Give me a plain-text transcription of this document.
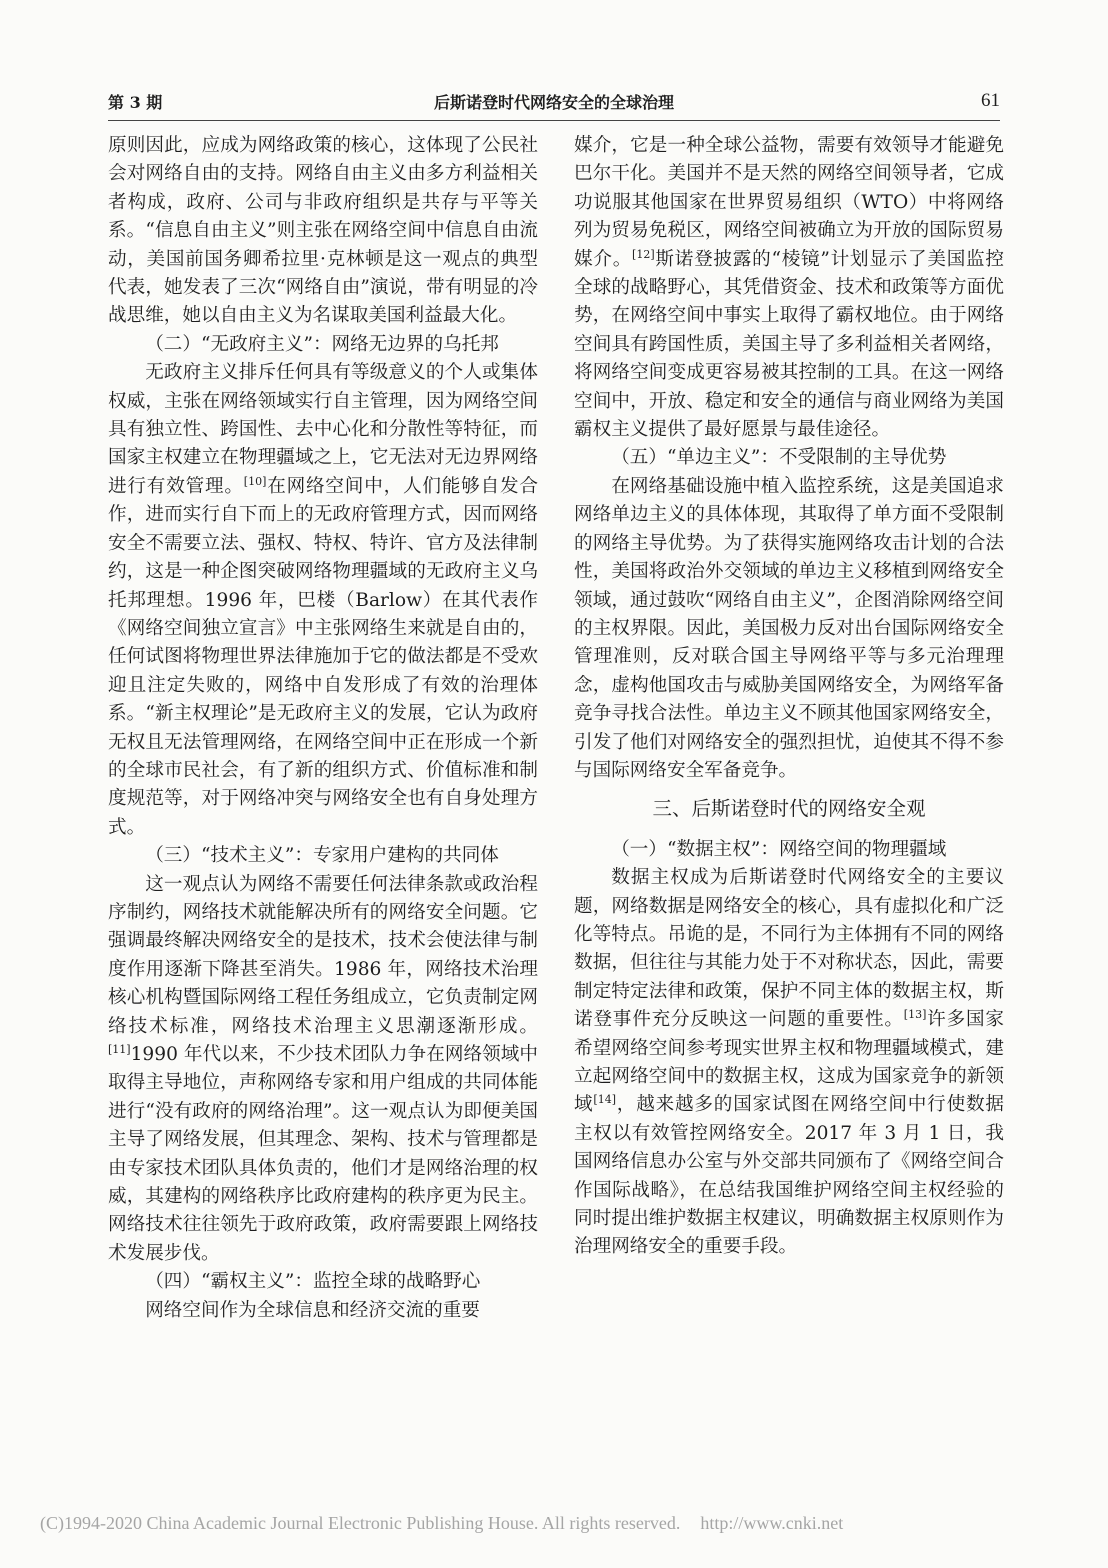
第 3 期	后斯诺登时代网络安全的全球治理	61

原则因此，应成为网络政策的核心，这体现了公民社会对网络自由的支持。网络自由主义由多方利益相关者构成，政府、公司与非政府组织是共存与平等关系。“信息自由主义”则主张在网络空间中信息自由流动，美国前国务卿希拉里·克林顿是这一观点的典型代表，她发表了三次“网络自由”演说，带有明显的冷战思维，她以自由主义为名谋取美国利益最大化。

（二）“无政府主义”：网络无边界的乌托邦

无政府主义排斥任何具有等级意义的个人或集体权威，主张在网络领域实行自主管理，因为网络空间具有独立性、跨国性、去中心化和分散性等特征，而国家主权建立在物理疆域之上，它无法对无边界网络进行有效管理。[10]在网络空间中，人们能够自发合作，进而实行自下而上的无政府管理方式，因而网络安全不需要立法、强权、特权、特许、官方及法律制约，这是一种企图突破网络物理疆域的无政府主义乌托邦理想。1996 年，巴楼（Barlow）在其代表作《网络空间独立宣言》中主张网络生来就是自由的，任何试图将物理世界法律施加于它的做法都是不受欢迎且注定失败的，网络中自发形成了有效的治理体系。“新主权理论”是无政府主义的发展，它认为政府无权且无法管理网络，在网络空间中正在形成一个新的全球市民社会，有了新的组织方式、价值标准和制度规范等，对于网络冲突与网络安全也有自身处理方式。

（三）“技术主义”：专家用户建构的共同体

这一观点认为网络不需要任何法律条款或政治程序制约，网络技术就能解决所有的网络安全问题。它强调最终解决网络安全的是技术，技术会使法律与制度作用逐渐下降甚至消失。1986 年，网络技术治理核心机构暨国际网络工程任务组成立，它负责制定网络技术标准，网络技术治理主义思潮逐渐形成。[11]1990 年代以来，不少技术团队力争在网络领域中取得主导地位，声称网络专家和用户组成的共同体能进行“没有政府的网络治理”。这一观点认为即便美国主导了网络发展，但其理念、架构、技术与管理都是由专家技术团队具体负责的，他们才是网络治理的权威，其建构的网络秩序比政府建构的秩序更为民主。网络技术往往领先于政府政策，政府需要跟上网络技术发展步伐。

（四）“霸权主义”：监控全球的战略野心

网络空间作为全球信息和经济交流的重要

媒介，它是一种全球公益物，需要有效领导才能避免巴尔干化。美国并不是天然的网络空间领导者，它成功说服其他国家在世界贸易组织（WTO）中将网络列为贸易免税区，网络空间被确立为开放的国际贸易媒介。[12]斯诺登披露的“棱镜”计划显示了美国监控全球的战略野心，其凭借资金、技术和政策等方面优势，在网络空间中事实上取得了霸权地位。由于网络空间具有跨国性质，美国主导了多利益相关者网络，将网络空间变成更容易被其控制的工具。在这一网络空间中，开放、稳定和安全的通信与商业网络为美国霸权主义提供了最好愿景与最佳途径。

（五）“单边主义”：不受限制的主导优势

在网络基础设施中植入监控系统，这是美国追求网络单边主义的具体体现，其取得了单方面不受限制的网络主导优势。为了获得实施网络攻击计划的合法性，美国将政治外交领域的单边主义移植到网络安全领域，通过鼓吹“网络自由主义”，企图消除网络空间的主权界限。因此，美国极力反对出台国际网络安全管理准则，反对联合国主导网络平等与多元治理理念，虚构他国攻击与威胁美国网络安全，为网络军备竞争寻找合法性。单边主义不顾其他国家网络安全，引发了他们对网络安全的强烈担忧，迫使其不得不参与国际网络安全军备竞争。

三、后斯诺登时代的网络安全观

（一）“数据主权”：网络空间的物理疆域

数据主权成为后斯诺登时代网络安全的主要议题，网络数据是网络安全的核心，具有虚拟化和广泛化等特点。吊诡的是，不同行为主体拥有不同的网络数据，但往往与其能力处于不对称状态，因此，需要制定特定法律和政策，保护不同主体的数据主权，斯诺登事件充分反映这一问题的重要性。[13]许多国家希望网络空间参考现实世界主权和物理疆域模式，建立起网络空间中的数据主权，这成为国家竞争的新领域[14]，越来越多的国家试图在网络空间中行使数据主权以有效管控网络安全。2017 年 3 月 1 日，我国网络信息办公室与外交部共同颁布了《网络空间合作国际战略》，在总结我国维护网络空间主权经验的同时提出维护数据主权建议，明确数据主权原则作为治理网络安全的重要手段。

(C)1994-2020 China Academic Journal Electronic Publishing House. All rights reserved. http://www.cnki.net
